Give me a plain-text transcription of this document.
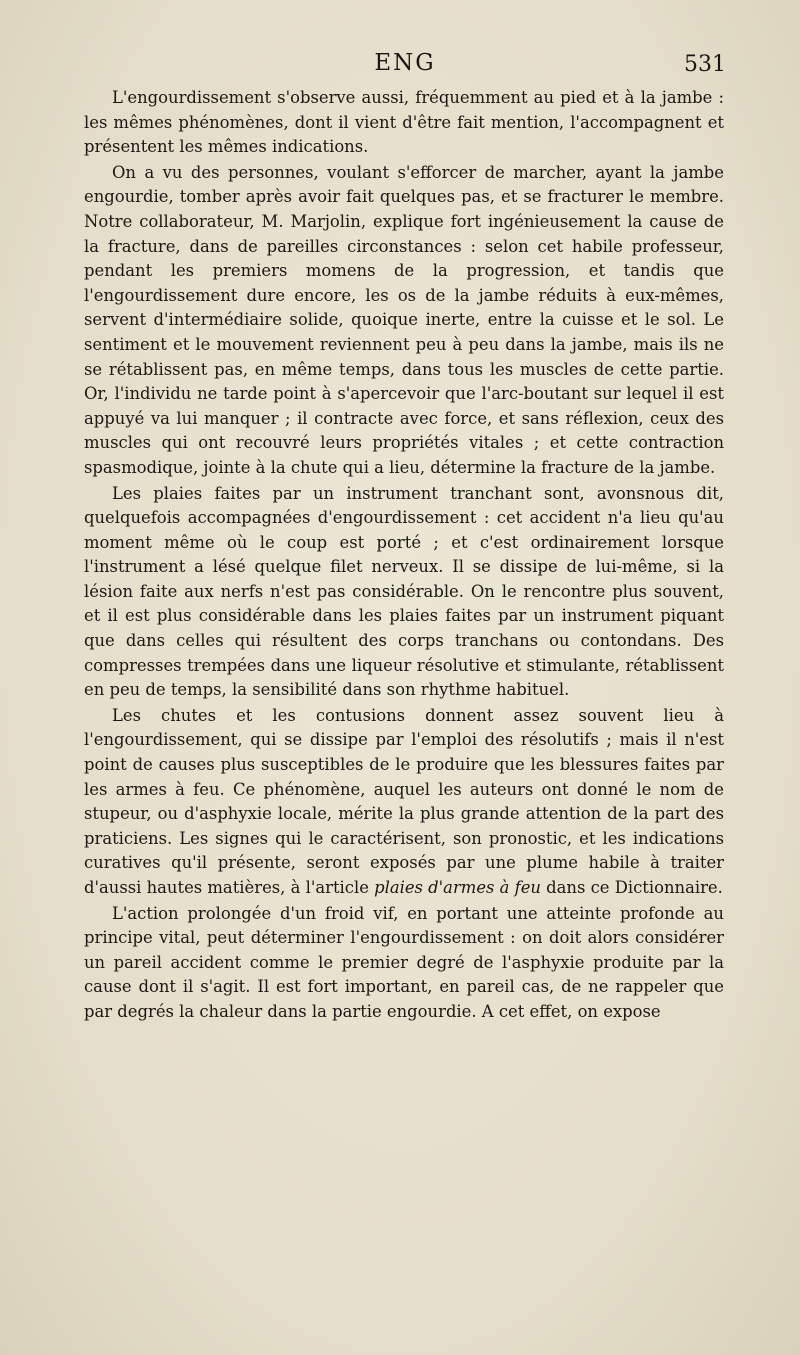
ENG	531

L'engourdissement s'observe aussi, fréquemment au pied et à la jambe : les mêmes phénomènes, dont il vient d'être fait mention, l'accompagnent et présentent les mêmes indications.

On a vu des personnes, voulant s'efforcer de marcher, ayant la jambe engourdie, tomber après avoir fait quelques pas, et se fracturer le membre. Notre collaborateur, M. Marjolin, explique fort ingénieusement la cause de la fracture, dans de pareilles circonstances : selon cet habile professeur, pendant les premiers momens de la progression, et tandis que l'engourdissement dure encore, les os de la jambe réduits à eux-mêmes, servent d'intermédiaire solide, quoique inerte, entre la cuisse et le sol. Le sentiment et le mouvement reviennent peu à peu dans la jambe, mais ils ne se rétablissent pas, en même temps, dans tous les muscles de cette partie. Or, l'individu ne tarde point à s'apercevoir que l'arc-boutant sur lequel il est appuyé va lui manquer ; il contracte avec force, et sans réflexion, ceux des muscles qui ont recouvré leurs propriétés vitales ; et cette contraction spasmodique, jointe à la chute qui a lieu, détermine la fracture de la jambe.

Les plaies faites par un instrument tranchant sont, avonsnous dit, quelquefois accompagnées d'engourdissement : cet accident n'a lieu qu'au moment même où le coup est porté ; et c'est ordinairement lorsque l'instrument a lésé quelque filet nerveux. Il se dissipe de lui-même, si la lésion faite aux nerfs n'est pas considérable. On le rencontre plus souvent, et il est plus considérable dans les plaies faites par un instrument piquant que dans celles qui résultent des corps tranchans ou contondans. Des compresses trempées dans une liqueur résolutive et stimulante, rétablissent en peu de temps, la sensibilité dans son rhythme habituel.

Les chutes et les contusions donnent assez souvent lieu à l'engourdissement, qui se dissipe par l'emploi des résolutifs ; mais il n'est point de causes plus susceptibles de le produire que les blessures faites par les armes à feu. Ce phénomène, auquel les auteurs ont donné le nom de stupeur, ou d'asphyxie locale, mérite la plus grande attention de la part des praticiens. Les signes qui le caractérisent, son pronostic, et les indications curatives qu'il présente, seront exposés par une plume habile à traiter d'aussi hautes matières, à l'article plaies d'armes à feu dans ce Dictionnaire.

L'action prolongée d'un froid vif, en portant une atteinte profonde au principe vital, peut déterminer l'engourdissement : on doit alors considérer un pareil accident comme le premier degré de l'asphyxie produite par la cause dont il s'agit. Il est fort important, en pareil cas, de ne rappeler que par degrés la chaleur dans la partie engourdie. A cet effet, on expose
